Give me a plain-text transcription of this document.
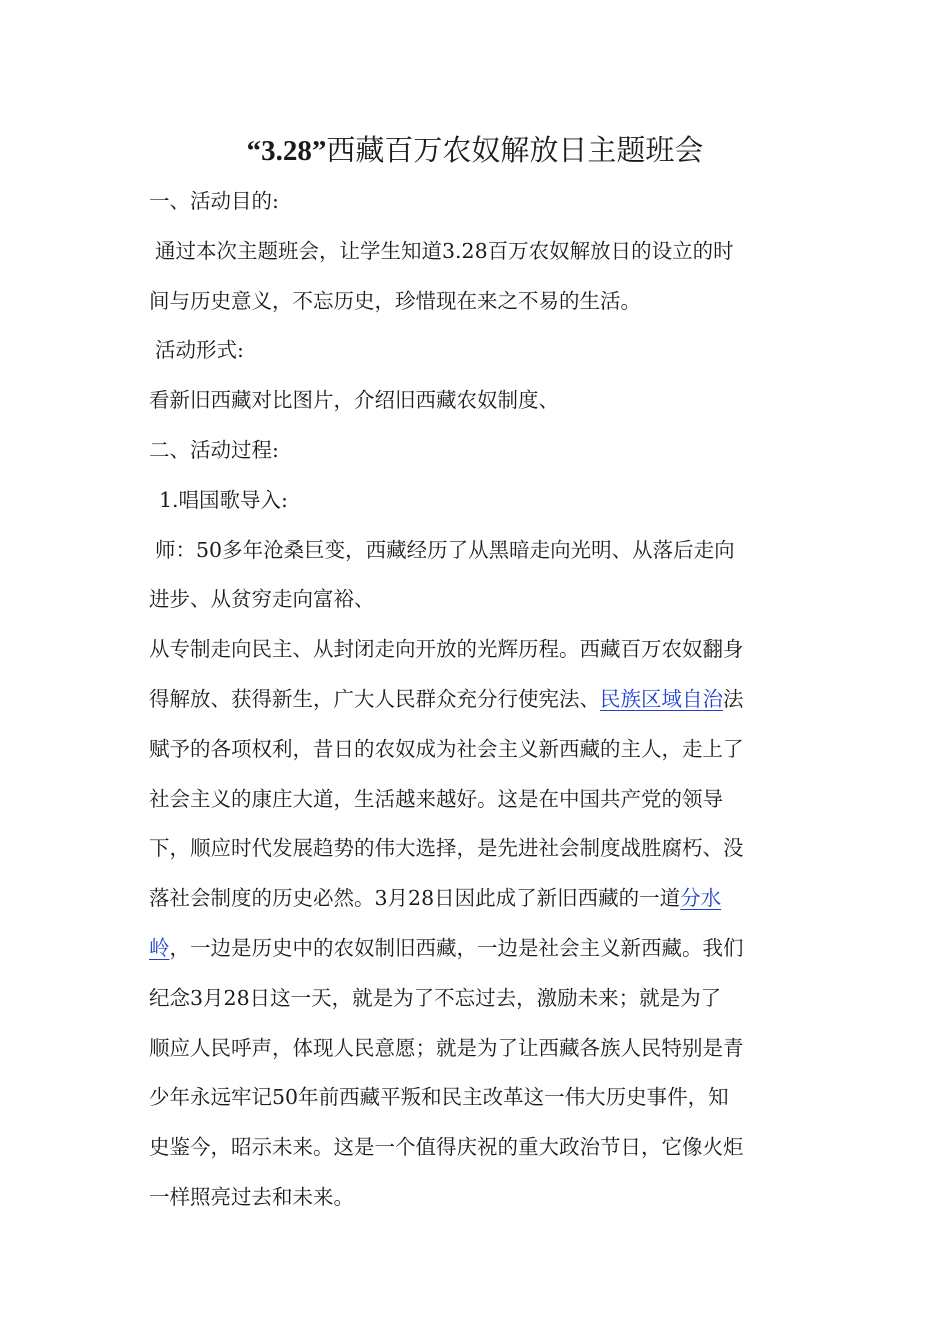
“3.28”西藏百万农奴解放日主题班会
一、活动目的:
通过本次主题班会，让学生知道3.28百万农奴解放日的设立的时
间与历史意义，不忘历史，珍惜现在来之不易的生活。
活动形式:
看新旧西藏对比图片，介绍旧西藏农奴制度、
二、活动过程:
1.唱国歌导入:
师：50多年沧桑巨变，西藏经历了从黑暗走向光明、从落后走向
进步、从贫穷走向富裕、
从专制走向民主、从封闭走向开放的光辉历程。西藏百万农奴翻身
得解放、获得新生，广大人民群众充分行使宪法、民族区域自治法
赋予的各项权利，昔日的农奴成为社会主义新西藏的主人，走上了
社会主义的康庄大道，生活越来越好。这是在中国共产党的领导
下，顺应时代发展趋势的伟大选择，是先进社会制度战胜腐朽、没
落社会制度的历史必然。3月28日因此成了新旧西藏的一道分水
岭，一边是历史中的农奴制旧西藏，一边是社会主义新西藏。我们
纪念3月28日这一天，就是为了不忘过去，激励未来；就是为了
顺应人民呼声，体现人民意愿；就是为了让西藏各族人民特别是青
少年永远牢记50年前西藏平叛和民主改革这一伟大历史事件，知
史鉴今，昭示未来。这是一个值得庆祝的重大政治节日，它像火炬
一样照亮过去和未来。
